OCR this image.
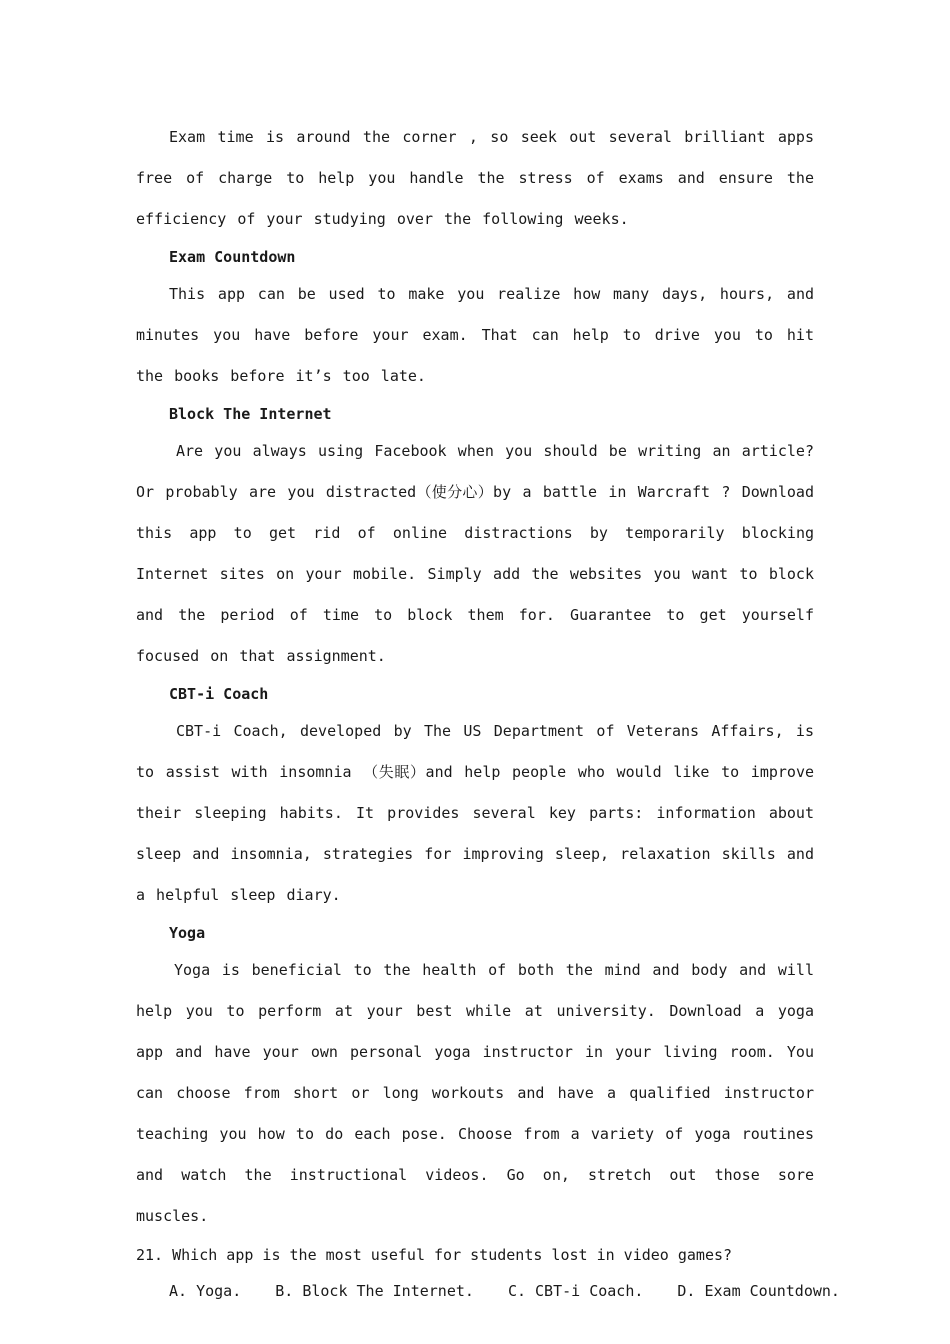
Exam time is around the corner , so seek out several brilliant apps free of charge to help you handle the stress of exams and ensure the efficiency of your studying over the following weeks.

Exam Countdown

This app can be used to make you realize how many days, hours, and minutes you have before your exam. That can help to drive you to hit the books before it’s too late.

Block The Internet

Are you always using Facebook when you should be writing an article? Or probably are you distracted（使分心）by a battle in Warcraft ? Download this app to get rid of online distractions by temporarily blocking Internet sites on your mobile. Simply add the websites you want to block and the period of time to block them for. Guarantee to get yourself focused on that assignment.

CBT-i Coach

CBT-i Coach, developed by The US Department of Veterans Affairs, is to assist with insomnia （失眠）and help people who would like to improve their sleeping habits. It provides several key parts: information about sleep and insomnia, strategies for improving sleep, relaxation skills and a helpful sleep diary.

Yoga

Yoga is beneficial to the health of both the mind and body and will help you to perform at your best while at university. Download a yoga app and have your own personal yoga instructor in your living room. You can choose from short or long workouts and have a qualified instructor teaching you how to do each pose. Choose from a variety of yoga routines and watch the instructional videos. Go on, stretch out those sore muscles.

21. Which app is the most useful for students lost in video games?

A. Yoga. B. Block The Internet. C. CBT-i Coach. D. Exam Countdown.
